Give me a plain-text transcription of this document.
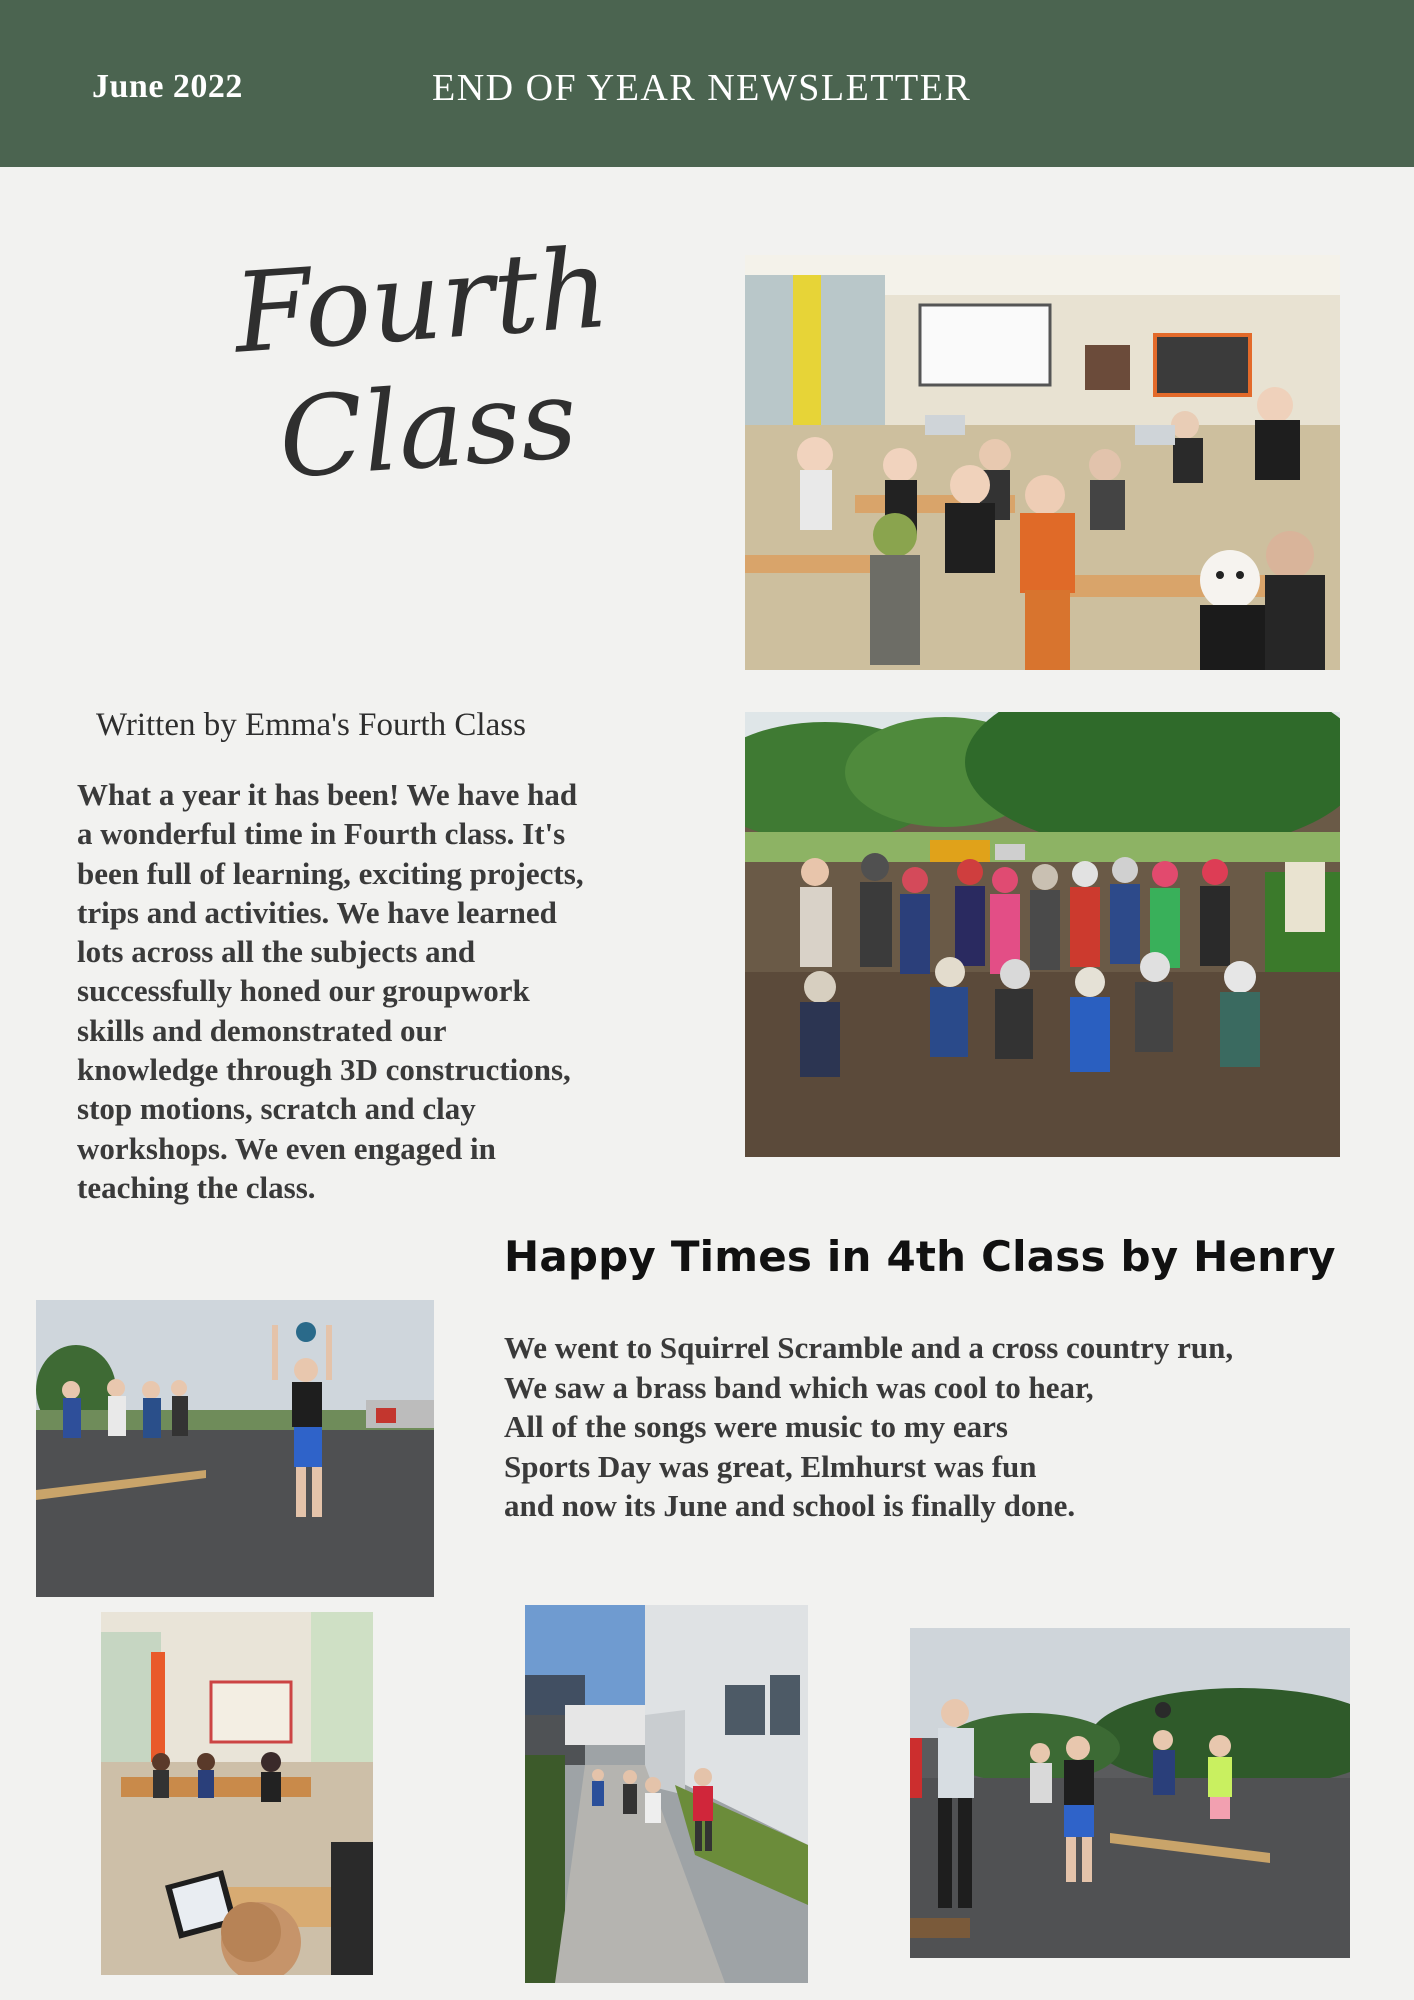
June 2022	END OF YEAR NEWSLETTER
Fourth
Class
Written by Emma's Fourth Class
What a year it has been! We have had
a wonderful time in Fourth class. It's
been full of learning, exciting projects,
trips and activities. We have learned
lots across all the subjects and
successfully honed our groupwork
skills and demonstrated our
knowledge through 3D constructions,
stop motions, scratch and clay
workshops. We even engaged in
teaching the class.
Happy Times in 4th Class by Henry
We went to Squirrel Scramble and a cross country run,
We saw a brass band which was cool to hear,
All of the songs were music to my ears
Sports Day was great, Elmhurst was fun
and now its June and school is finally done.
